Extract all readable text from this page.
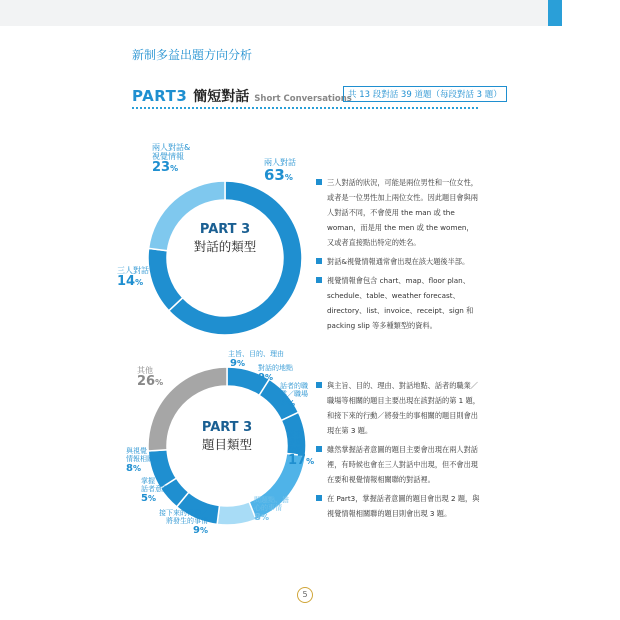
新制多益出題方向分析
PART3 簡短對話 Short Conversations
共 13 段對話 39 道題（每段對話 3 題）
PART 3
對話的類型
兩人對話&
視覺情報
23%
兩人對話
63%
三人對話
14%
三人對話的狀況，可能是兩位男性和一位女性，或者是一位男性加上兩位女性。因此題目會與兩人對話不同，不會使用 the man 或 the woman，而是用 the men 或 the women，又或者直接點出特定的姓名。
對話&視覺情報通常會出現在該大題後半部。
視覺情報會包含 chart、map、floor plan、schedule、table、weather forecast、directory、list、invoice、receipt、sign 和 packing slip 等多種類型的資料。
PART 3
題目類型
主旨、目的、理由
9%	對話的地點
9%
話者的職
業／職場
9%
要求、
提議、
勸誘
17%
問題點、擔
心的事情
8%
接下來的行動／
將發生的事情
9%
掌握
話者意圖
5%
與視覺
情報相關聯
8%
其他
26%	與主旨、目的、理由、對話地點、話者的職業／職場等相關的題目主要出現在該對話的第 1 題，和接下來的行動／將發生的事相關的題目則會出現在第 3 題。
雖然掌握話者意圖的題目主要會出現在兩人對話裡，有時候也會在三人對話中出現，但不會出現在要和視覺情報相關聯的對話裡。
在 Part3，掌握話者意圖的題目會出現 2 題，與視覺情報相關聯的題目則會出現 3 題。
5
